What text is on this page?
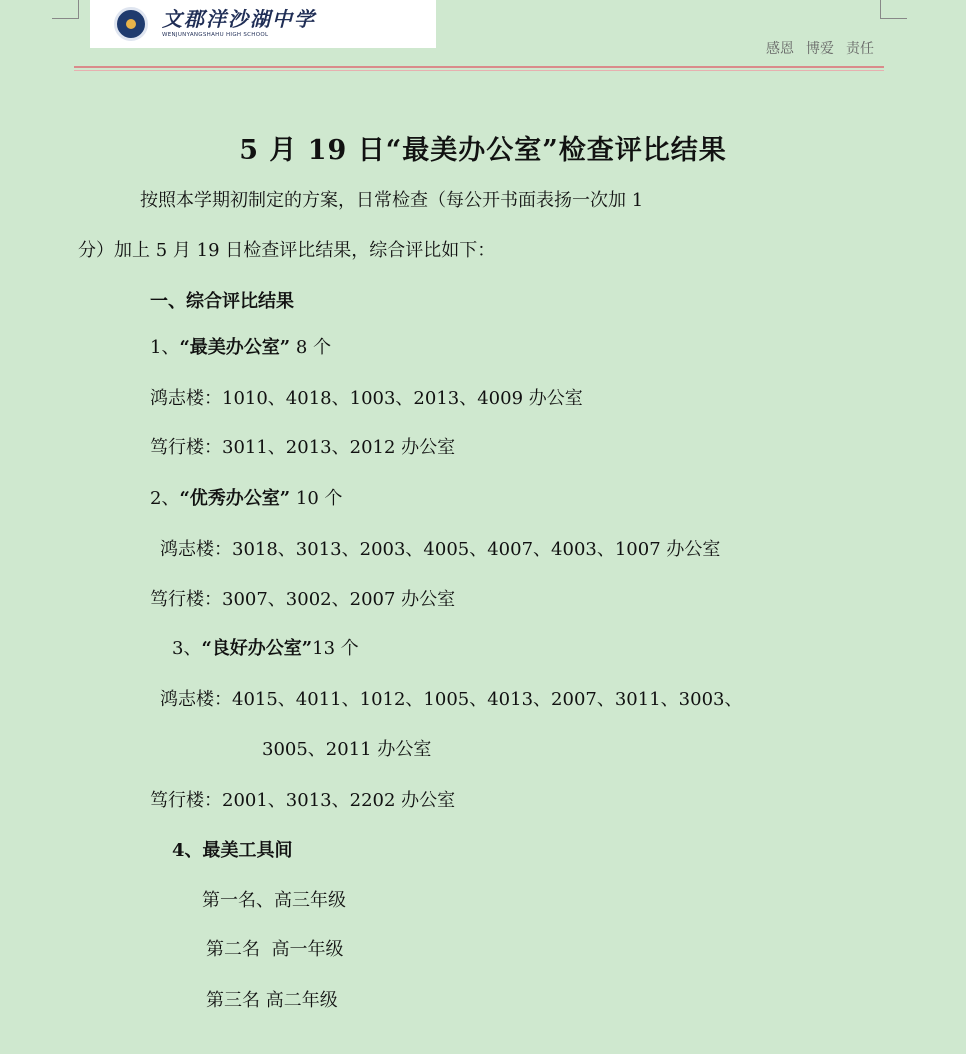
文郡洋沙湖中学
WENJUNYANGSHAHU HIGH SCHOOL
感恩 博爱 责任
5 月 19 日“最美办公室”检查评比结果
按照本学期初制定的方案，日常检查（每公开书面表扬一次加 1
分）加上 5 月 19 日检查评比结果，综合评比如下：
一、综合评比结果
1、“最美办公室” 8 个
鸿志楼：1010、4018、1003、2013、4009 办公室
笃行楼：3011、2013、2012 办公室
2、“优秀办公室” 10 个
鸿志楼：3018、3013、2003、4005、4007、4003、1007 办公室
笃行楼：3007、3002、2007 办公室
3、“良好办公室”13 个
鸿志楼：4015、4011、1012、1005、4013、2007、3011、3003、
3005、2011 办公室
笃行楼：2001、3013、2202 办公室
4、最美工具间
第一名、高三年级
第二名  高一年级
第三名 高二年级
